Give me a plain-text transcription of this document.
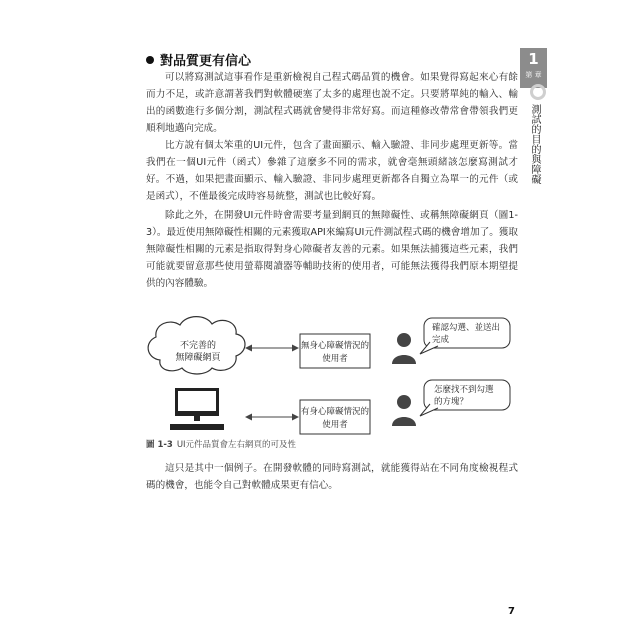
對品質更有信心

可以將寫測試這事看作是重新檢視自己程式碼品質的機會。如果覺得寫起來心有餘而力不足，或許意謂著我們對軟體硬塞了太多的處理也說不定。只要將單純的輸入、輸出的函數進行多個分割，測試程式碼就會變得非常好寫。而這種修改帶常會帶領我們更順利地邁向完成。

比方說有個太笨重的UI元件，包含了畫面顯示、輸入驗證、非同步處理更新等。當我們在一個UI元件（函式）參雜了這麼多不同的需求，就會毫無頭緒該怎麼寫測試才好。不過，如果把畫面顯示、輸入驗證、非同步處理更新都各自獨立為單一的元件（或是函式），不僅最後完成時容易統整，測試也比較好寫。

除此之外，在開發UI元件時會需要考量到網頁的無障礙性、或稱無障礙網頁（圖1-3）。最近使用無障礙性相關的元素獲取API來編寫UI元件測試程式碼的機會增加了。獲取無障礙性相關的元素是指取得對身心障礙者友善的元素。如果無法捕獲這些元素，我們可能就要留意那些使用螢幕閱讀器等輔助技術的使用者，可能無法獲得我們原本期望提供的內容體驗。

1
第 章
測試的目的與障礙
不完善的
無障礙網頁
無身心障礙情況的
使用者
有身心障礙情況的
使用者
確認勾選、並送出
完成
怎麼找不到勾選
的方塊？
圖 1-3 UI元件品質會左右網頁的可及性

這只是其中一個例子。在開發軟體的同時寫測試，就能獲得站在不同角度檢視程式碼的機會，也能令自己對軟體成果更有信心。

7
